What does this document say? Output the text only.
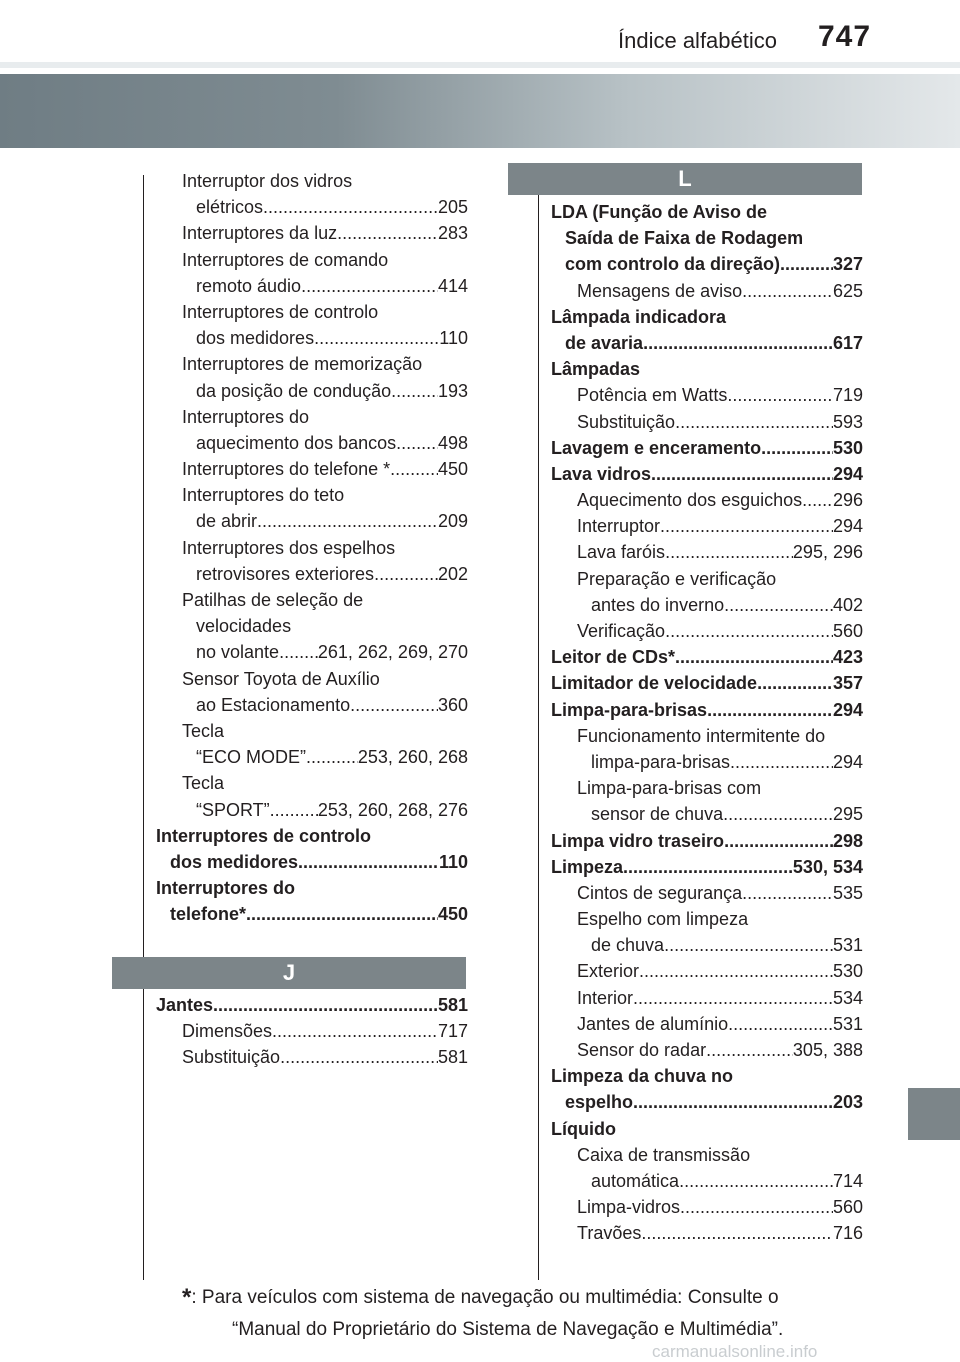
Índice alfabético 747
Interruptor dos vidros
elétricos .....	205
Interruptores da luz .....	283
Interruptores de comando
remoto áudio .....	414
Interruptores de controlo
dos medidores .....	110
Interruptores de memorização
da posição de condução .....	193
Interruptores do
aquecimento dos bancos ..... 498
Interruptores do telefone * .....	450
Interruptores do teto
de abrir .....	209
Interruptores dos espelhos
retrovisores exteriores .....	202
Patilhas de seleção de
velocidades
no volante ..... 261, 262, 269, 270
Sensor Toyota de Auxílio
ao Estacionamento .....	360
Tecla
“ECO MODE” .....	253, 260, 268
Tecla
“SPORT” .....	253, 260, 268, 276
Interruptores de controlo
dos medidores .....	110
Interruptores do
telefone* .....	450
J
Jantes .....	581
Dimensões .....	717
Substituição .....	581
L
LDA (Função de Aviso de
Saída de Faixa de Rodagem
com controlo da direção) .....	327
Mensagens de aviso .....	625
Lâmpada indicadora
de avaria .....	617
Lâmpadas
Potência em Watts .....	719
Substituição .....	593
Lavagem e enceramento .....	530
Lava vidros .....	294
Aquecimento dos esguichos ..... 296
Interruptor .....	294
Lava faróis .....	295, 296
Preparação e verificação
antes do inverno .....	402
Verificação .....	560
Leitor de CDs* .....	423
Limitador de velocidade .....	357
Limpa-para-brisas .....	294
Funcionamento intermitente do
limpa-para-brisas .....	294
Limpa-para-brisas com
sensor de chuva .....	295
Limpa vidro traseiro .....	298
Limpeza .....	530, 534
Cintos de segurança .....	535
Espelho com limpeza
de chuva .....	531
Exterior .....	530
Interior .....	534
Jantes de alumínio .....	531
Sensor do radar .....	305, 388
Limpeza da chuva no
espelho .....	203
Líquido
Caixa de transmissão
automática .....	714
Limpa-vidros .....	560
Travões .....	716
*: Para veículos com sistema de navegação ou multimédia: Consulte o
“Manual do Proprietário do Sistema de Navegação e Multimédia”.
carmanualsonline.info
